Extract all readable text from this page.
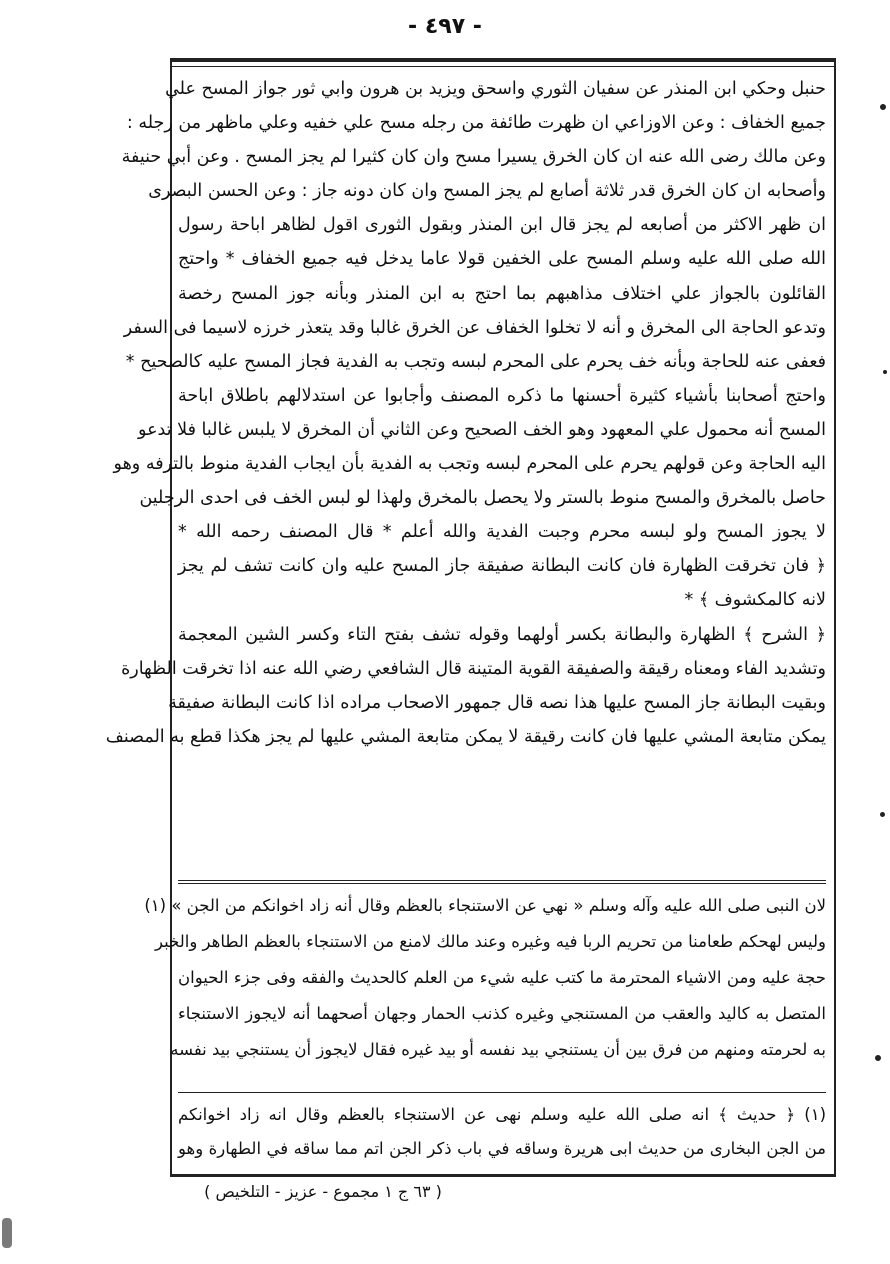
- ٤٩٧ -
حنبل وحكي ابن المنذر عن سفيان الثوري واسحق ويزيد بن هرون وابي ثور جواز المسح علي
جميع الخفاف : وعن الاوزاعي ان ظهرت طائفة من رجله مسح علي خفيه وعلي ماظهر من رجله :
وعن مالك رضى الله عنه ان كان الخرق يسيرا مسح وان كان كثيرا لم يجز المسح . وعن أبي حنيفة
وأصحابه ان كان الخرق قدر ثلاثة أصابع لم يجز المسح وان كان دونه جاز : وعن الحسن البصرى
ان ظهر الاكثر من أصابعه لم يجز قال ابن المنذر وبقول الثورى اقول لظاهر اباحة رسول
الله صلى الله عليه وسلم المسح على الخفين قولا عاما يدخل فيه جميع الخفاف * واحتج
القائلون بالجواز علي اختلاف مذاهبهم بما احتج به ابن المنذر وبأنه جوز المسح رخصة
وتدعو الحاجة الى المخرق و أنه لا تخلوا الخفاف عن الخرق غالبا وقد يتعذر خرزه لاسيما فى السفر
فعفى عنه للحاجة وبأنه خف يحرم على المحرم لبسه وتجب به الفدية فجاز المسح عليه كالصحيح *
واحتج أصحابنا بأشياء كثيرة أحسنها ما ذكره المصنف وأجابوا عن استدلالهم باطلاق اباحة
المسح أنه محمول علي المعهود وهو الخف الصحيح وعن الثاني أن المخرق لا يلبس غالبا فلا تدعو
اليه الحاجة وعن قولهم يحرم على المحرم لبسه وتجب به الفدية بأن ايجاب الفدية منوط بالترفه وهو
حاصل بالمخرق والمسح منوط بالستر ولا يحصل بالمخرق ولهذا لو لبس الخف فى احدى الرجلين
لا يجوز المسح ولو لبسه محرم وجبت الفدية والله أعلم * قال المصنف رحمه الله *
﴿ فان تخرقت الظهارة فان كانت البطانة صفيقة جاز المسح عليه وان كانت تشف لم يجز
لانه كالمكشوف ﴾ *
﴿ الشرح ﴾ الظهارة والبطانة بكسر أولهما وقوله تشف بفتح التاء وكسر الشين المعجمة
وتشديد الفاء ومعناه رقيقة والصفيقة القوية المتينة قال الشافعي رضي الله عنه اذا تخرقت الظهارة
وبقيت البطانة جاز المسح عليها هذا نصه قال جمهور الاصحاب مراده اذا كانت البطانة صفيقة
يمكن متابعة المشي عليها فان كانت رقيقة لا يمكن متابعة المشي عليها لم يجز هكذا قطع به المصنف
لان النبى صلى الله عليه وآله وسلم « نهي عن الاستنجاء بالعظم وقال أنه زاد اخوانكم من الجن » (١)
وليس لهحكم طعامنا من تحريم الربا فيه وغيره وعند مالك لامنع من الاستنجاء بالعظم الطاهر والخبر
حجة عليه ومن الاشياء المحترمة ما كتب عليه شيء من العلم كالحديث والفقه وفى جزء الحيوان
المتصل به كاليد والعقب من المستنجي وغيره كذنب الحمار وجهان أصحهما أنه لايجوز الاستنجاء
به لحرمته ومنهم من فرق بين أن يستنجي بيد نفسه أو بيد غيره فقال لايجوز أن يستنجي بيد نفسه
(١) ﴿ حديث ﴾ انه صلى الله عليه وسلم نهى عن الاستنجاء بالعظم وقال انه زاد اخوانكم
من الجن البخارى من حديث ابى هريرة وساقه في باب ذكر الجن اتم مما ساقه في الطهارة وهو
( ٦٣ ج ١ مجموع - عزيز - التلخيص )
